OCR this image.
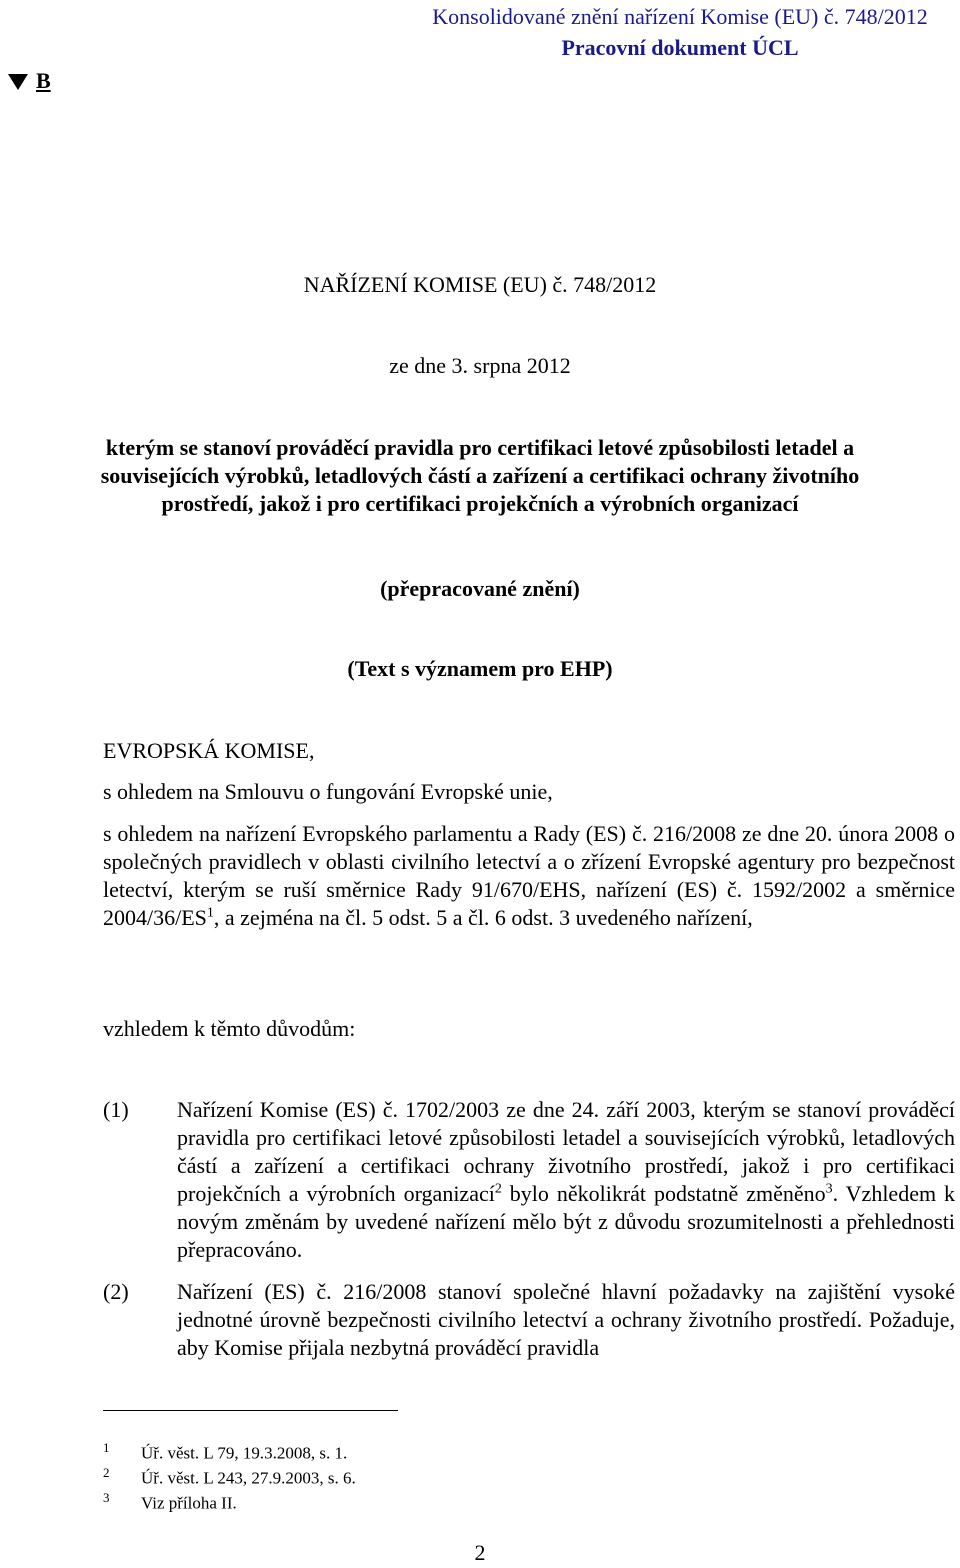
Konsolidované znění nařízení Komise (EU) č. 748/2012

Pracovní dokument ÚCL

B

NAŘÍZENÍ KOMISE (EU) č. 748/2012

ze dne 3. srpna 2012

kterým se stanoví prováděcí pravidla pro certifikaci letové způsobilosti letadel a
souvisejících výrobků, letadlových částí a zařízení a certifikaci ochrany životního
prostředí, jakož i pro certifikaci projekčních a výrobních organizací

(přepracované znění)

(Text s významem pro EHP)

EVROPSKÁ KOMISE,

s ohledem na Smlouvu o fungování Evropské unie,

s ohledem na nařízení Evropského parlamentu a Rady (ES) č. 216/2008 ze dne 20. února 2008 o společných pravidlech v oblasti civilního letectví a o zřízení Evropské agentury pro bezpečnost letectví, kterým se ruší směrnice Rady 91/670/EHS, nařízení (ES) č. 1592/2002 a směrnice $2004/36/ES^1$, a zejména na čl. 5 odst. 5 a čl. 6 odst. 3 uvedeného nařízení,

vzhledem k těmto důvodům:

(1)	Nařízení Komise (ES) č. 1702/2003 ze dne 24. září 2003, kterým se stanoví prováděcí pravidla pro certifikaci letové způsobilosti letadel a souvisejících výrobků, letadlových částí a zařízení a certifikaci ochrany životního prostředí, jakož i pro certifikaci projekčních a výrobních organizací$^2$ bylo několikrát podstatně změněno$^3$. Vzhledem k novým změnám by uvedené nařízení mělo být z důvodu srozumitelnosti a přehlednosti přepracováno.
(2)	Nařízení (ES) č. 216/2008 stanoví společné hlavní požadavky na zajištění vysoké jednotné úrovně bezpečnosti civilního letectví a ochrany životního prostředí. Požaduje, aby Komise přijala nezbytná prováděcí pravidla
1 Úř. věst. L 79, 19.3.2008, s. 1.
2 Úř. věst. L 243, 27.9.2003, s. 6.
3 Viz příloha II.

2
